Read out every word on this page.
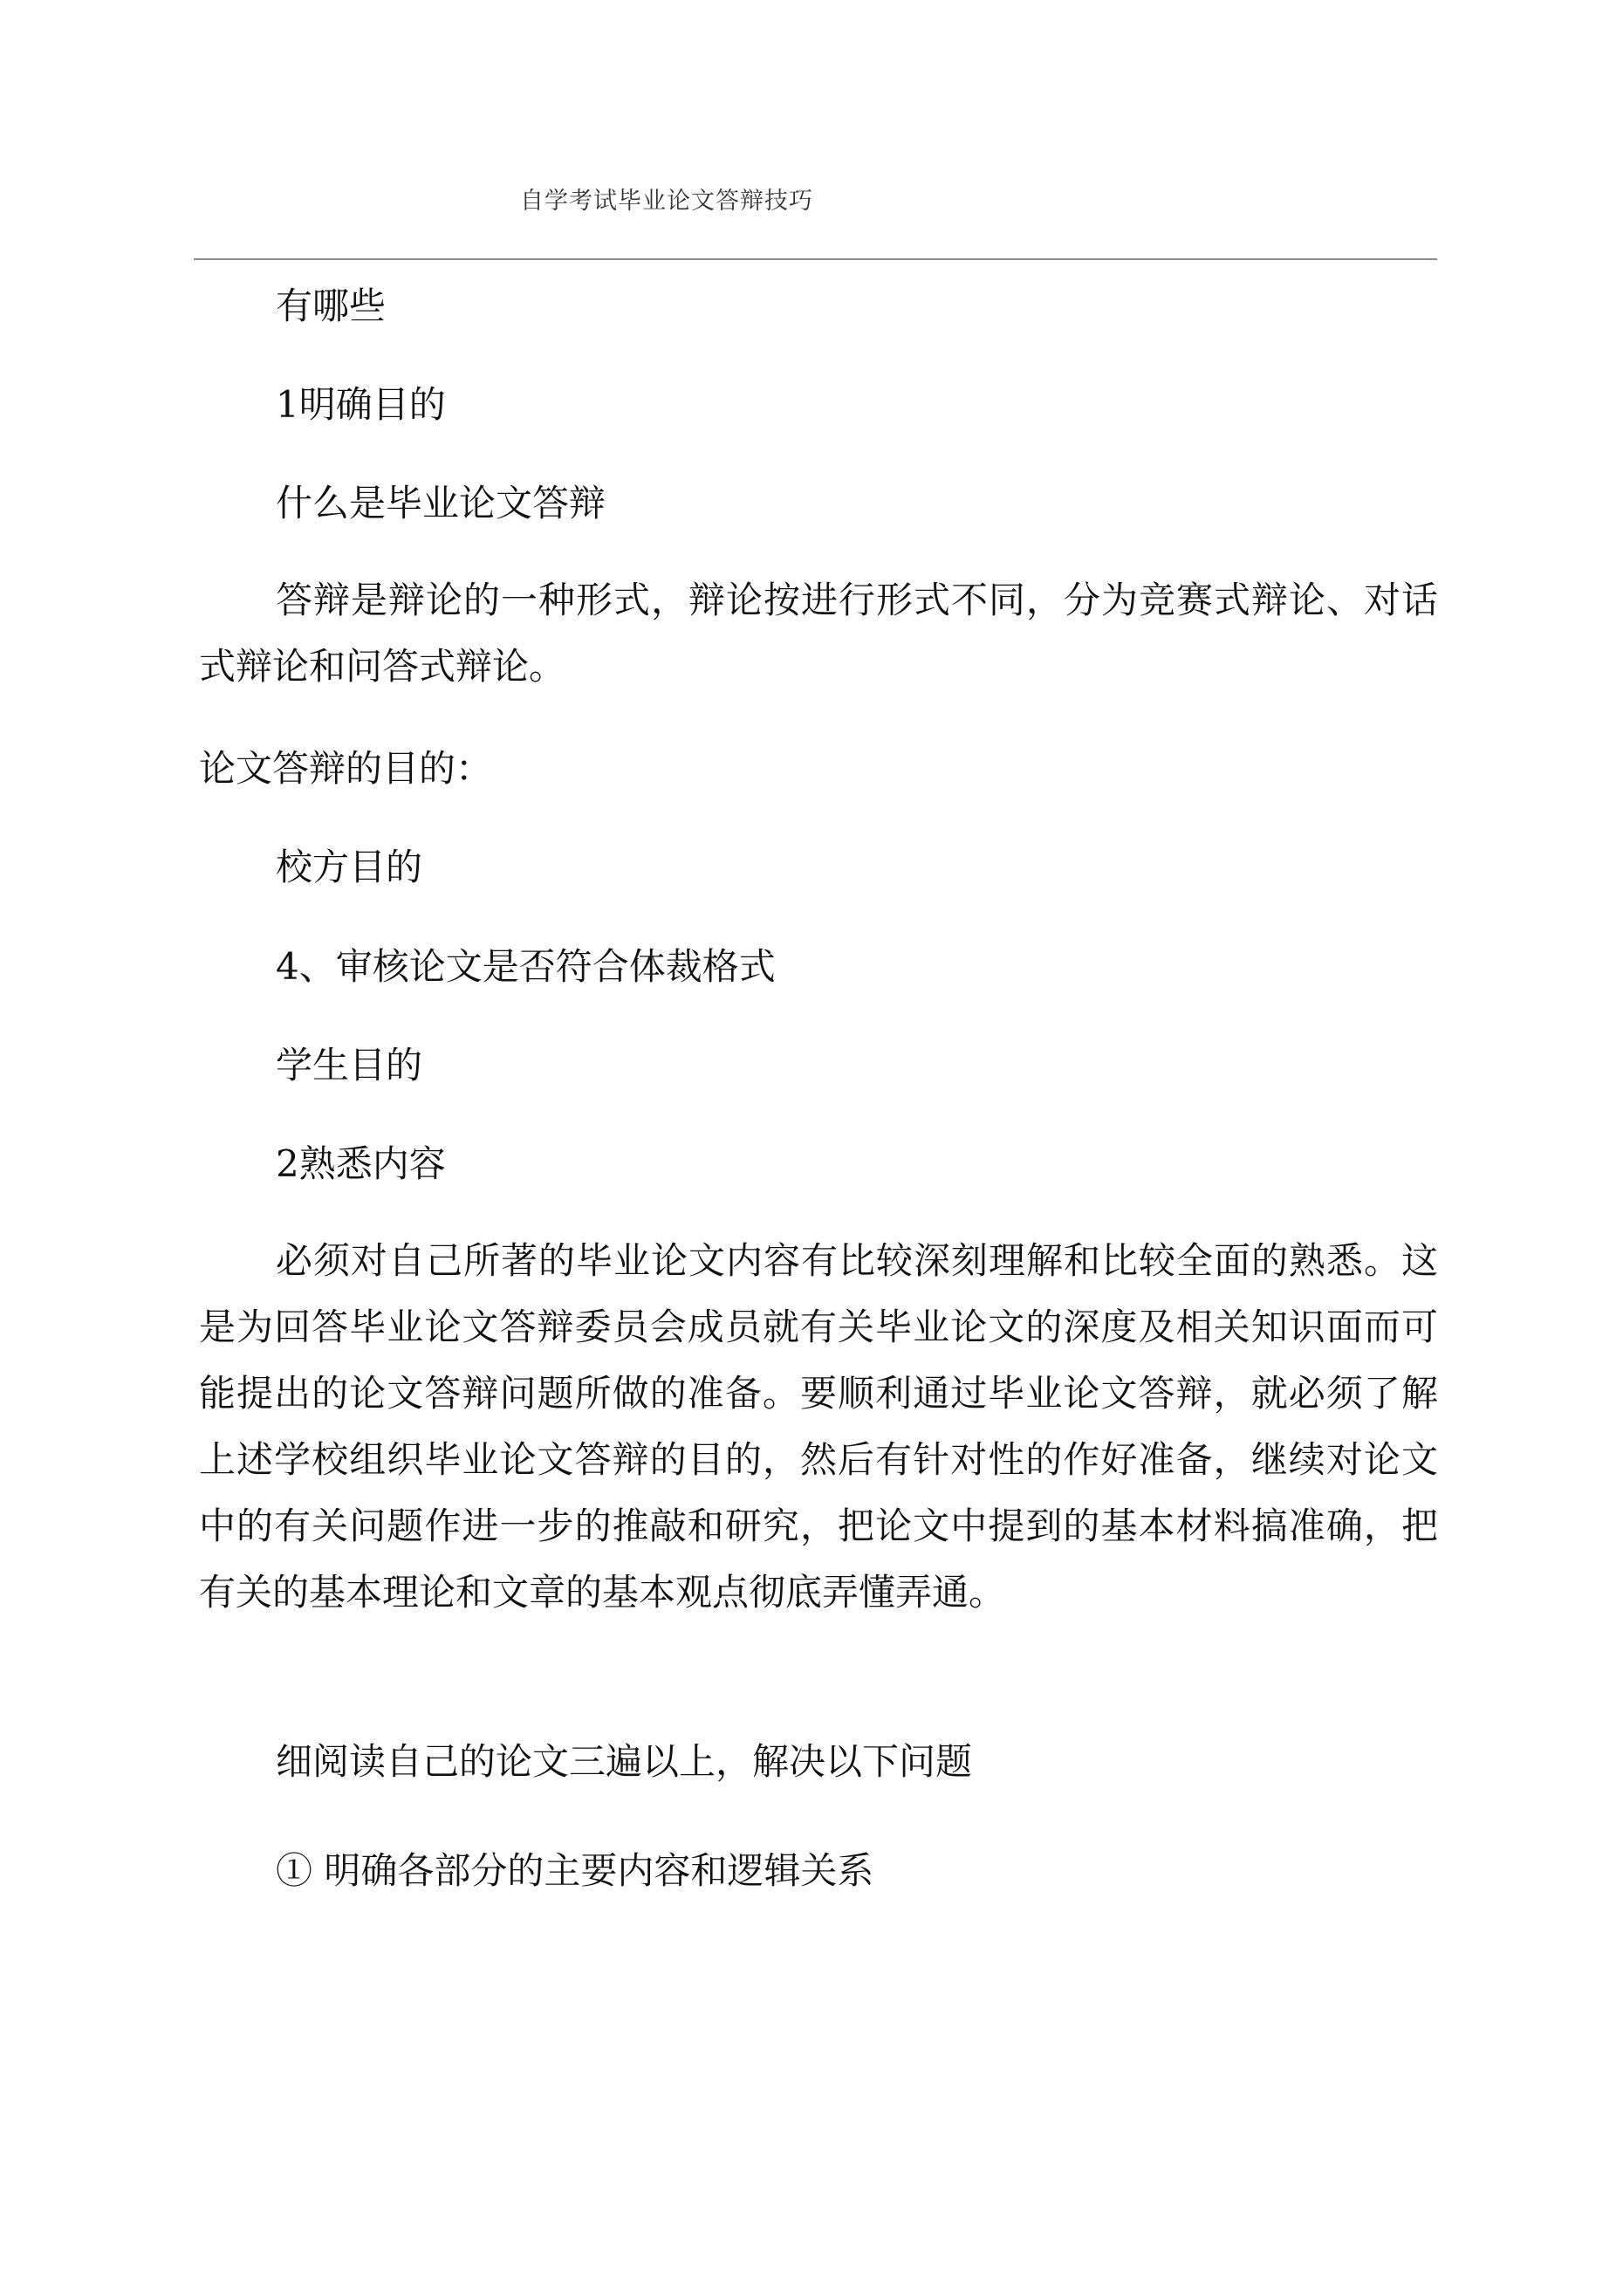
自学考试毕业论文答辩技巧
有哪些
1明确目的
什么是毕业论文答辩
答辩是辩论的一种形式，辩论按进行形式不同，分为竞赛式辩论、对话式辩论和问答式辩论。
论文答辩的目的：
校方目的
4、审核论文是否符合体裁格式
学生目的
2熟悉内容
必须对自己所著的毕业论文内容有比较深刻理解和比较全面的熟悉。这是为回答毕业论文答辩委员会成员就有关毕业论文的深度及相关知识面而可能提出的论文答辩问题所做的准备。要顺利通过毕业论文答辩，就必须了解上述学校组织毕业论文答辩的目的，然后有针对性的作好准备，继续对论文中的有关问题作进一步的推敲和研究，把论文中提到的基本材料搞准确，把有关的基本理论和文章的基本观点彻底弄懂弄通。
细阅读自己的论文三遍以上，解决以下问题
① 明确各部分的主要内容和逻辑关系
